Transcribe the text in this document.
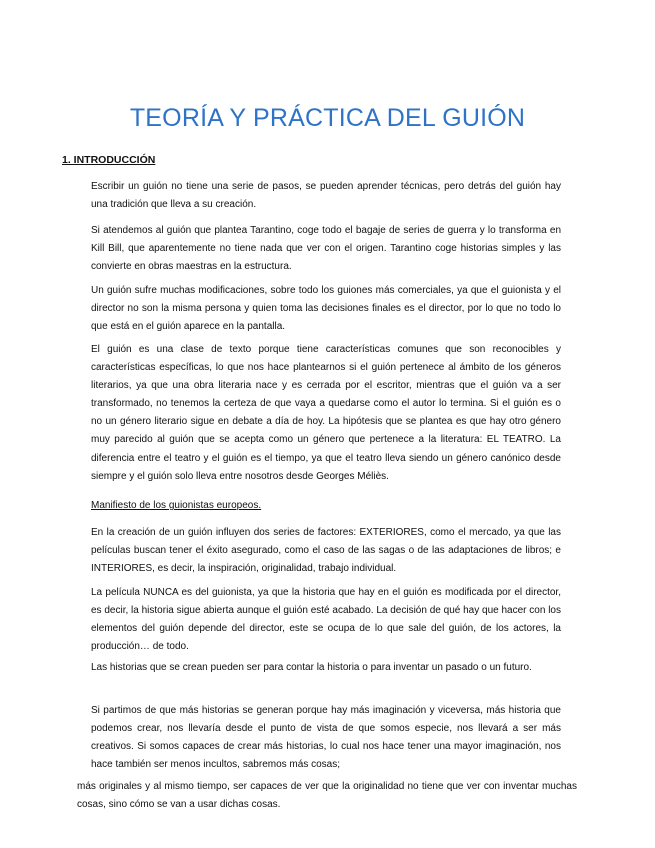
TEORÍA Y PRÁCTICA DEL GUIÓN
1. INTRODUCCIÓN

Escribir un guión no tiene una serie de pasos, se pueden aprender técnicas, pero detrás del guión hay una tradición que lleva a su creación.

Si atendemos al guión que plantea Tarantino, coge todo el bagaje de series de guerra y lo transforma en Kill Bill, que aparentemente no tiene nada que ver con el origen. Tarantino coge historias simples y las convierte en obras maestras en la estructura.

Un guión sufre muchas modificaciones, sobre todo los guiones más comerciales, ya que el guionista y el director no son la misma persona y quien toma las decisiones finales es el director, por lo que no todo lo que está en el guión aparece en la pantalla.

El guión es una clase de texto porque tiene características comunes que son reconocibles y características específicas, lo que nos hace plantearnos si el guión pertenece al ámbito de los géneros literarios, ya que una obra literaria nace y es cerrada por el escritor, mientras que el guión va a ser transformado, no tenemos la certeza de que vaya a quedarse como el autor lo termina. Si el guión es o no un género literario sigue en debate a día de hoy. La hipótesis que se plantea es que hay otro género muy parecido al guión que se acepta como un género que pertenece a la literatura: EL TEATRO. La diferencia entre el teatro y el guión es el tiempo, ya que el teatro lleva siendo un género canónico desde siempre y el guión solo lleva entre nosotros desde Georges Méliès.

Manifiesto de los guionistas europeos.

En la creación de un guión influyen dos series de factores: EXTERIORES, como el mercado, ya que las películas buscan tener el éxito asegurado, como el caso de las sagas o de las adaptaciones de libros; e INTERIORES, es decir, la inspiración, originalidad, trabajo individual.

La película NUNCA es del guionista, ya que la historia que hay en el guión es modificada por el director, es decir, la historia sigue abierta aunque el guión esté acabado. La decisión de qué hay que hacer con los elementos del guión depende del director, este se ocupa de lo que sale del guión, de los actores, la producción… de todo.

Las historias que se crean pueden ser para contar la historia o para inventar un pasado o un futuro.

Si partimos de que más historias se generan porque hay más imaginación y viceversa, más historia que podemos crear, nos llevaría desde el punto de vista de que somos especie, nos llevará a ser más creativos. Si somos capaces de crear más historias, lo cual nos hace tener una mayor imaginación, nos hace también ser menos incultos, sabremos más cosas;

más originales y al mismo tiempo, ser capaces de ver que la originalidad no tiene que ver con inventar muchas cosas, sino cómo se van a usar dichas cosas.
